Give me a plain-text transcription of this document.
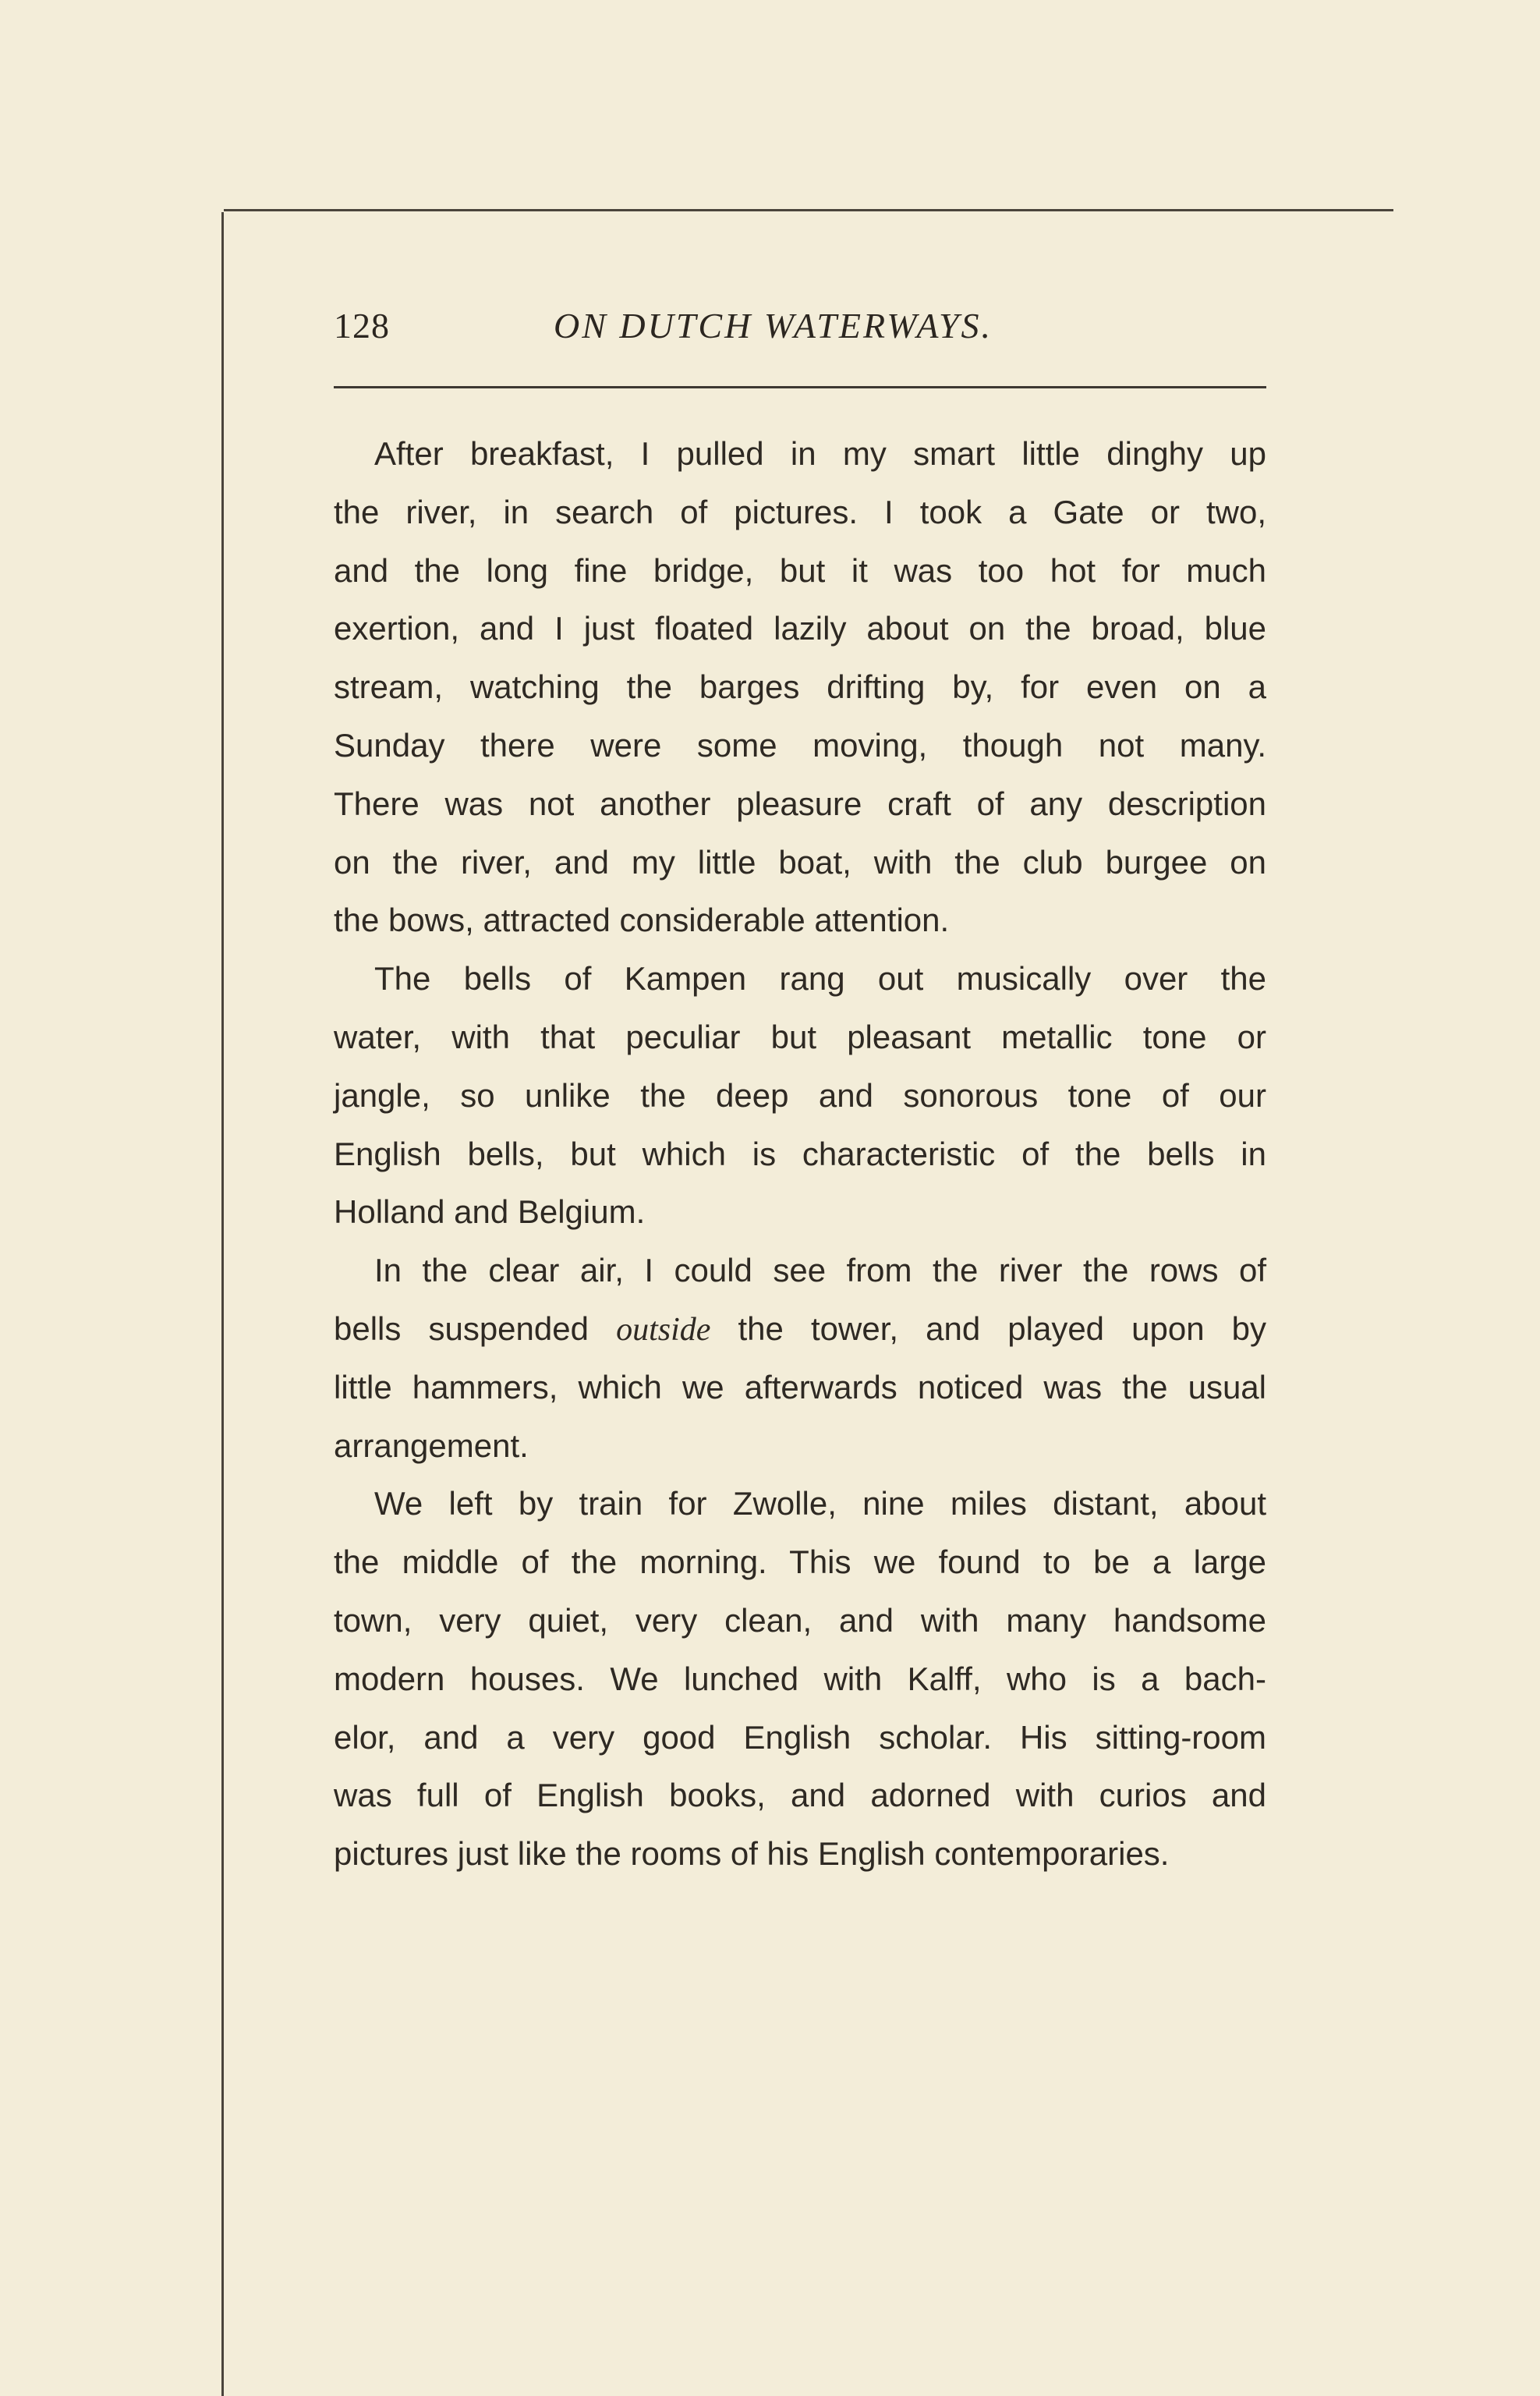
128	ON DUTCH WATERWAYS.
After breakfast, I pulled in my smart little dinghy up
the river, in search of pictures. I took a Gate or two,
and the long fine bridge, but it was too hot for much
exertion, and I just floated lazily about on the broad, blue
stream, watching the barges drifting by, for even on a
Sunday there were some moving, though not many.
There was not another pleasure craft of any description
on the river, and my little boat, with the club burgee on
the bows, attracted considerable attention.
The bells of Kampen rang out musically over the
water, with that peculiar but pleasant metallic tone or
jangle, so unlike the deep and sonorous tone of our
English bells, but which is characteristic of the bells in
Holland and Belgium.
In the clear air, I could see from the river the rows of
bells suspended outside the tower, and played upon by
little hammers, which we afterwards noticed was the usual
arrangement.
We left by train for Zwolle, nine miles distant, about
the middle of the morning. This we found to be a large
town, very quiet, very clean, and with many handsome
modern houses. We lunched with Kalff, who is a bach-
elor, and a very good English scholar. His sitting-room
was full of English books, and adorned with curios and
pictures just like the rooms of his English contemporaries.
